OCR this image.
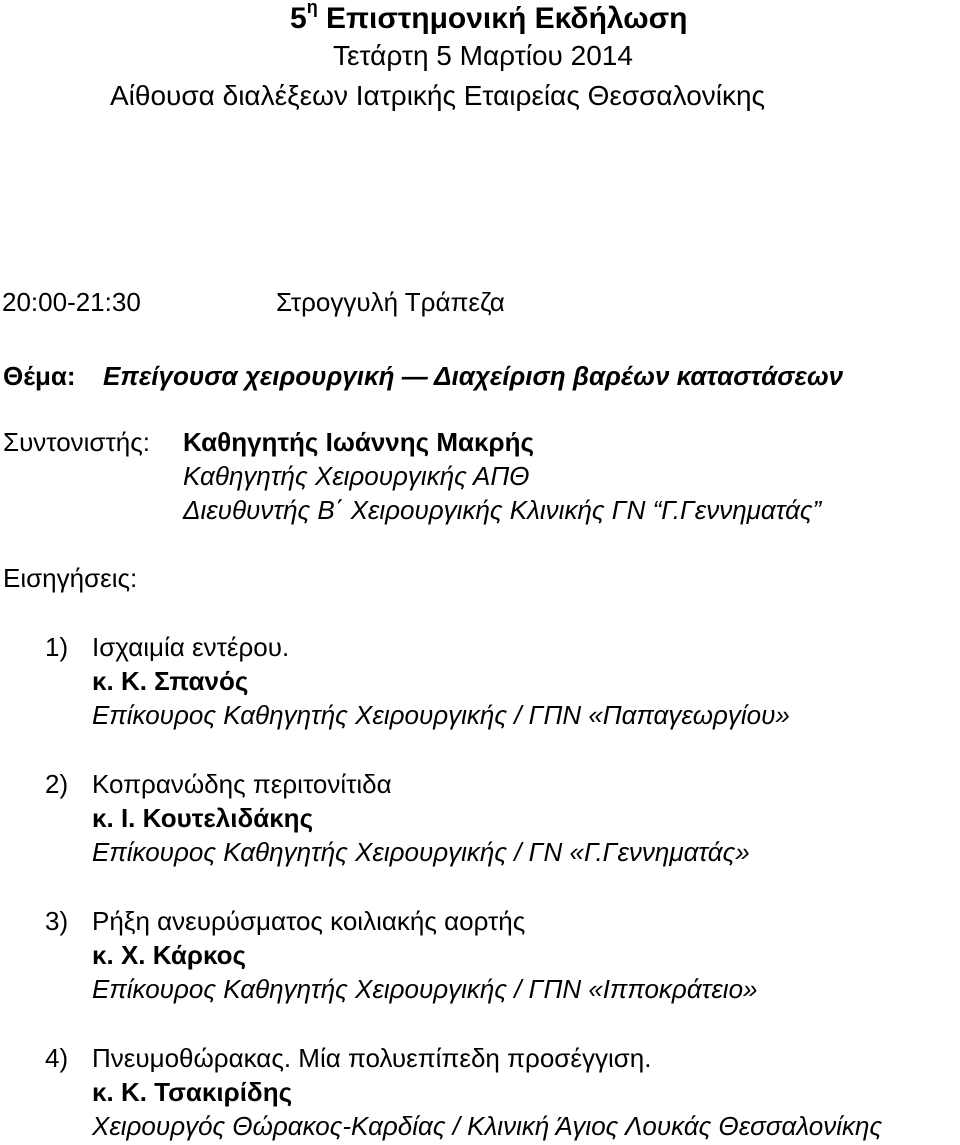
$5^\eta$ Επιστημονική Εκδήλωση
Τετάρτη 5 Μαρτίου 2014
Αίθουσα διαλέξεων Ιατρικής Εταιρείας Θεσσαλονίκης
20:00-21:30	Στρογγυλή Τράπεζα
Θέμα: Επείγουσα χειρουργική — Διαχείριση βαρέων καταστάσεων
Συντονιστής: Καθηγητής Ιωάννης Μακρής
Καθηγητής Χειρουργικής ΑΠΘ
Διευθυντής Β΄ Χειρουργικής Κλινικής ΓΝ “Γ.Γεννηματάς”
Εισηγήσεις:
1) Ισχαιμία εντέρου.
κ. Κ. Σπανός
Επίκουρος Καθηγητής Χειρουργικής / ΓΠΝ «Παπαγεωργίου»
2) Κοπρανώδης περιτονίτιδα
κ. Ι. Κουτελιδάκης
Επίκουρος Καθηγητής Χειρουργικής / ΓΝ «Γ.Γεννηματάς»
3) Ρήξη ανευρύσματος κοιλιακής αορτής
κ. Χ. Κάρκος
Επίκουρος Καθηγητής Χειρουργικής / ΓΠΝ «Ιπποκράτειο»
4) Πνευμοθώρακας. Μία πολυεπίπεδη προσέγγιση.
κ. Κ. Τσακιρίδης
Χειρουργός Θώρακος-Καρδίας / Κλινική Άγιος Λουκάς Θεσσαλονίκης
